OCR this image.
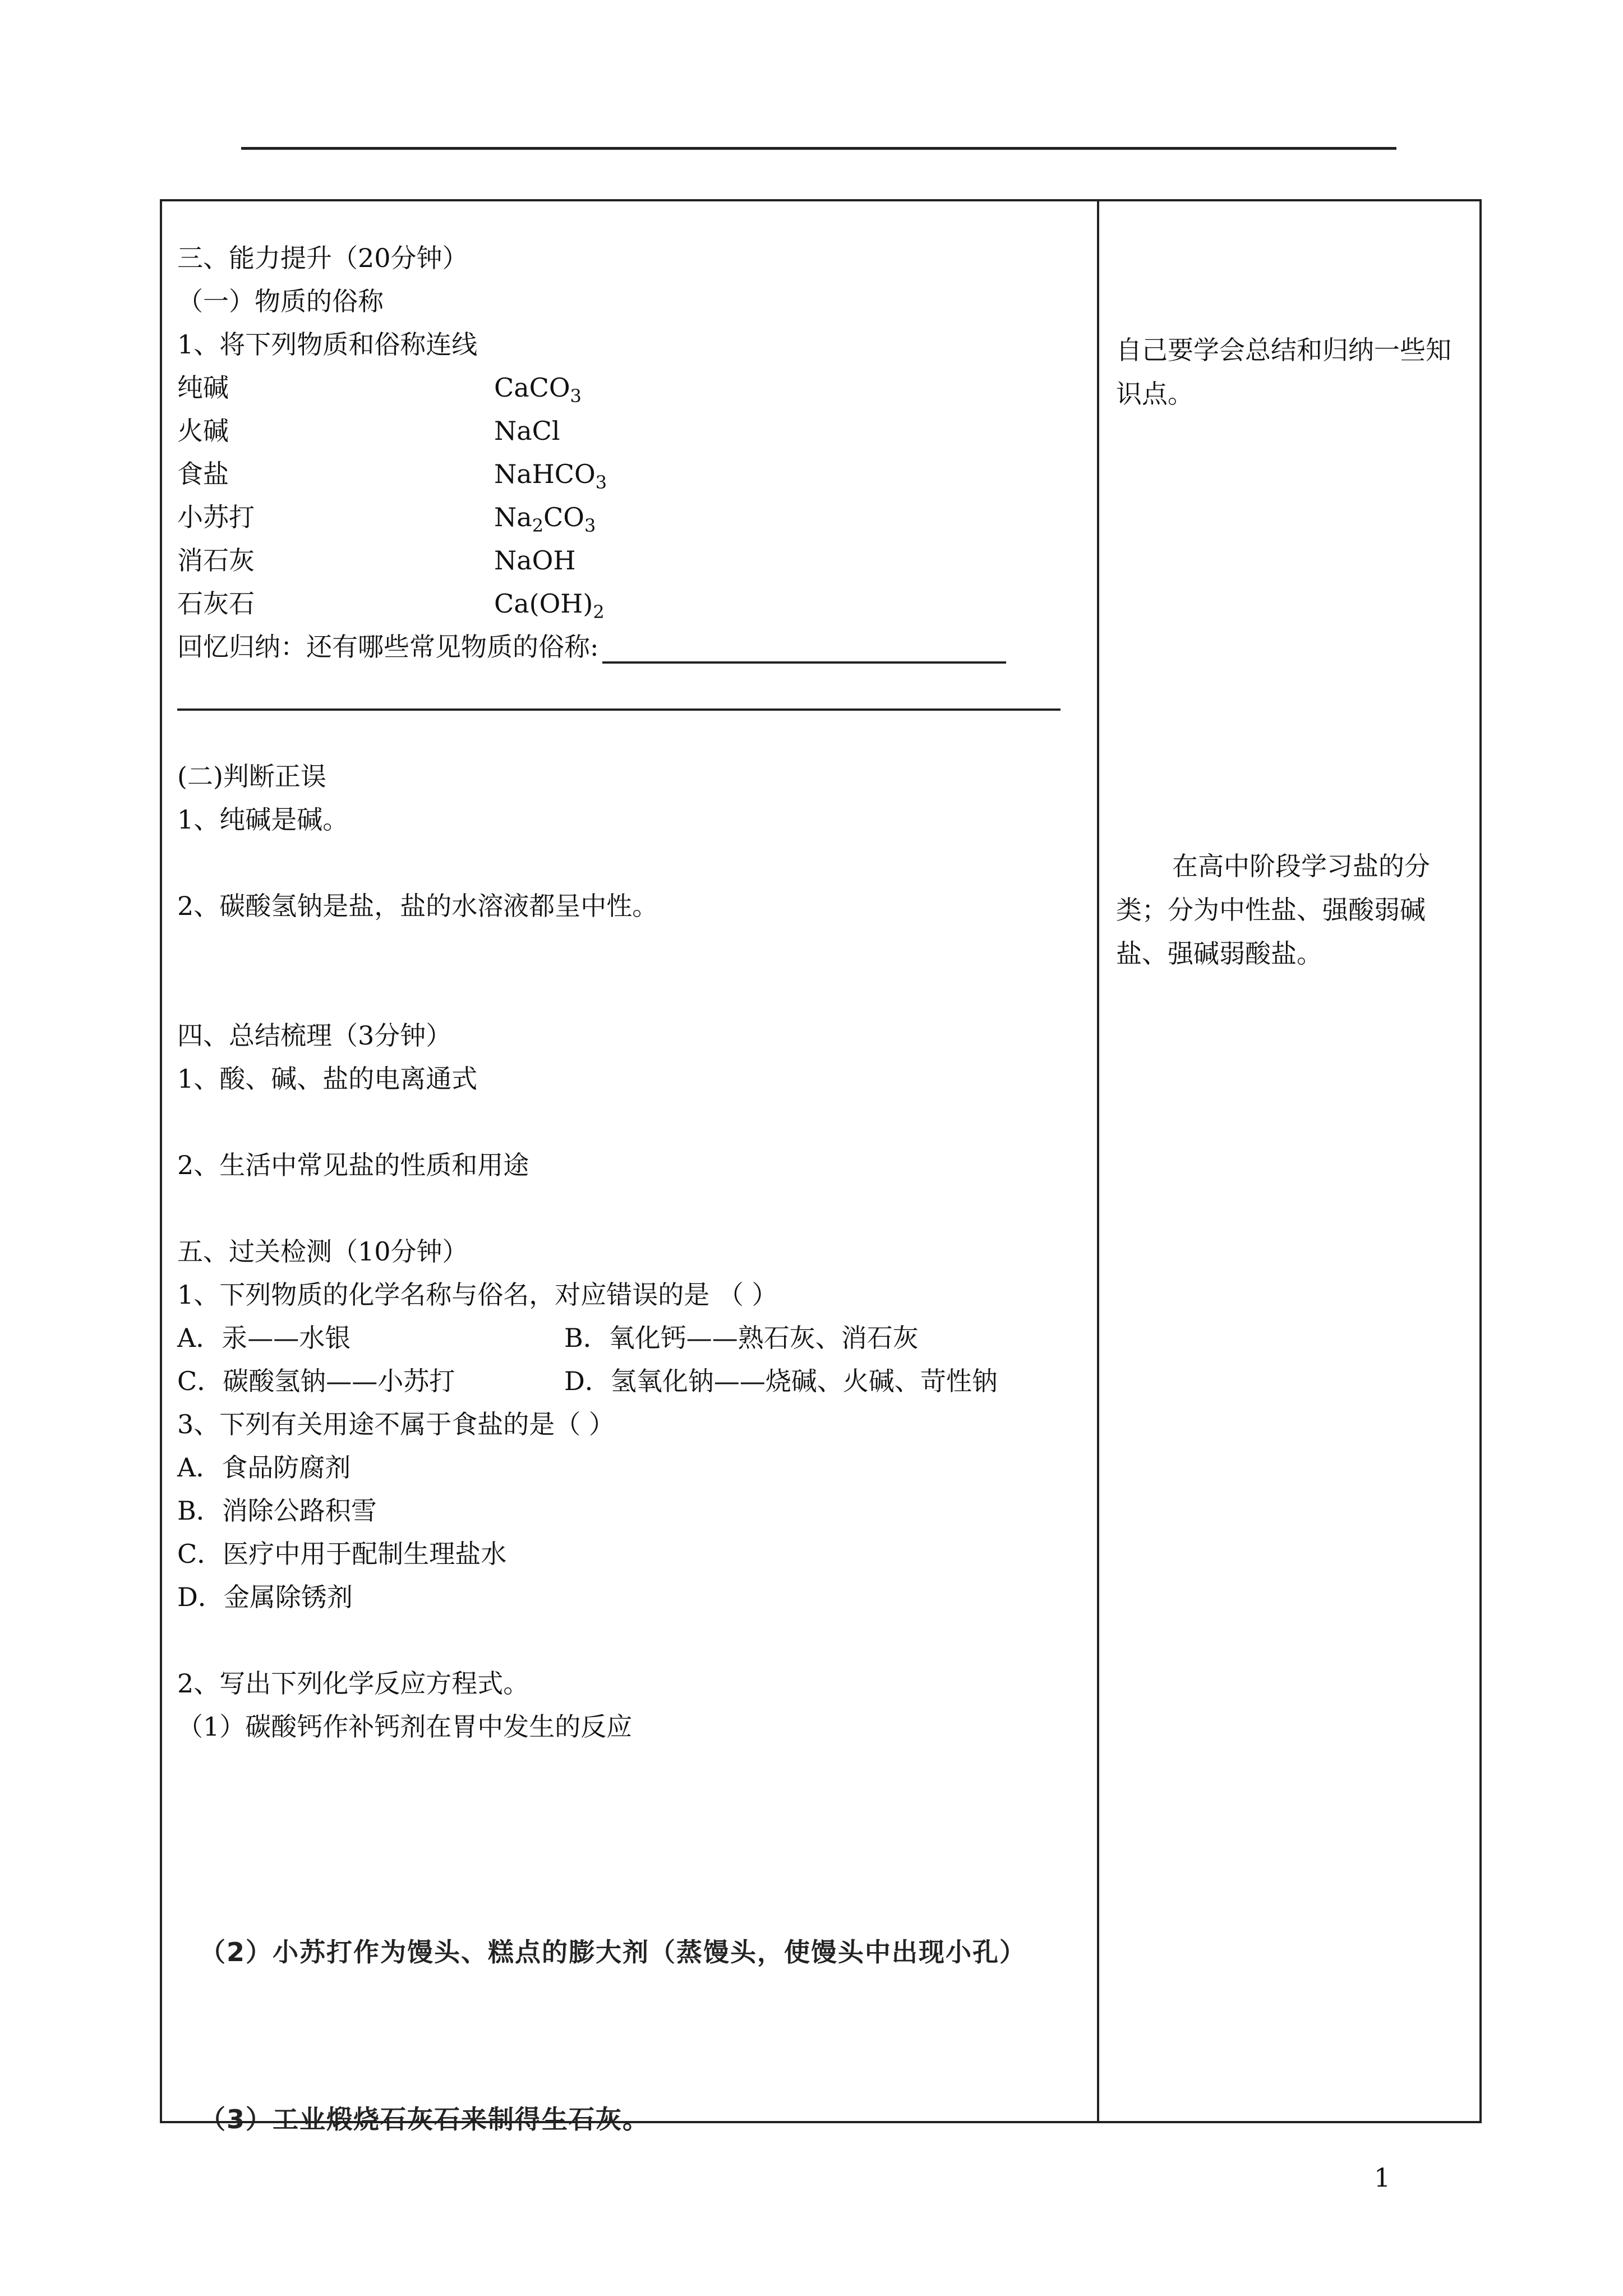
三、能力提升（20分钟）
（一）物质的俗称
1、将下列物质和俗称连线
纯碱	CaCO$_3$
火碱	NaCl
食盐	NaHCO$_3$
小苏打	$Na_2CO_3$
消石灰	NaOH
石灰石	$Ca(OH)_2$
回忆归纳：还有哪些常见物质的俗称:
(二)判断正误
1、纯碱是碱。
2、碳酸氢钠是盐，盐的水溶液都呈中性。
四、总结梳理（3分钟）
1、酸、碱、盐的电离通式
2、生活中常见盐的性质和用途
五、过关检测（10分钟）
1、下列物质的化学名称与俗名，对应错误的是 （ ）
A．汞——水银	B．氧化钙——熟石灰、消石灰
C．碳酸氢钠——小苏打	D．氢氧化钠——烧碱、火碱、苛性钠
3、下列有关用途不属于食盐的是（ ）
A．食品防腐剂
B．消除公路积雪
C．医疗中用于配制生理盐水
D．金属除锈剂
2、写出下列化学反应方程式。
（1）碳酸钙作补钙剂在胃中发生的反应
（2）小苏打作为馒头、糕点的膨大剂（蒸馒头，使馒头中出现小孔）
（3）工业煅烧石灰石来制得生石灰。
自己要学会总结和归纳一些知识点。
在高中阶段学习盐的分类；分为中性盐、强酸弱碱盐、强碱弱酸盐。
1
